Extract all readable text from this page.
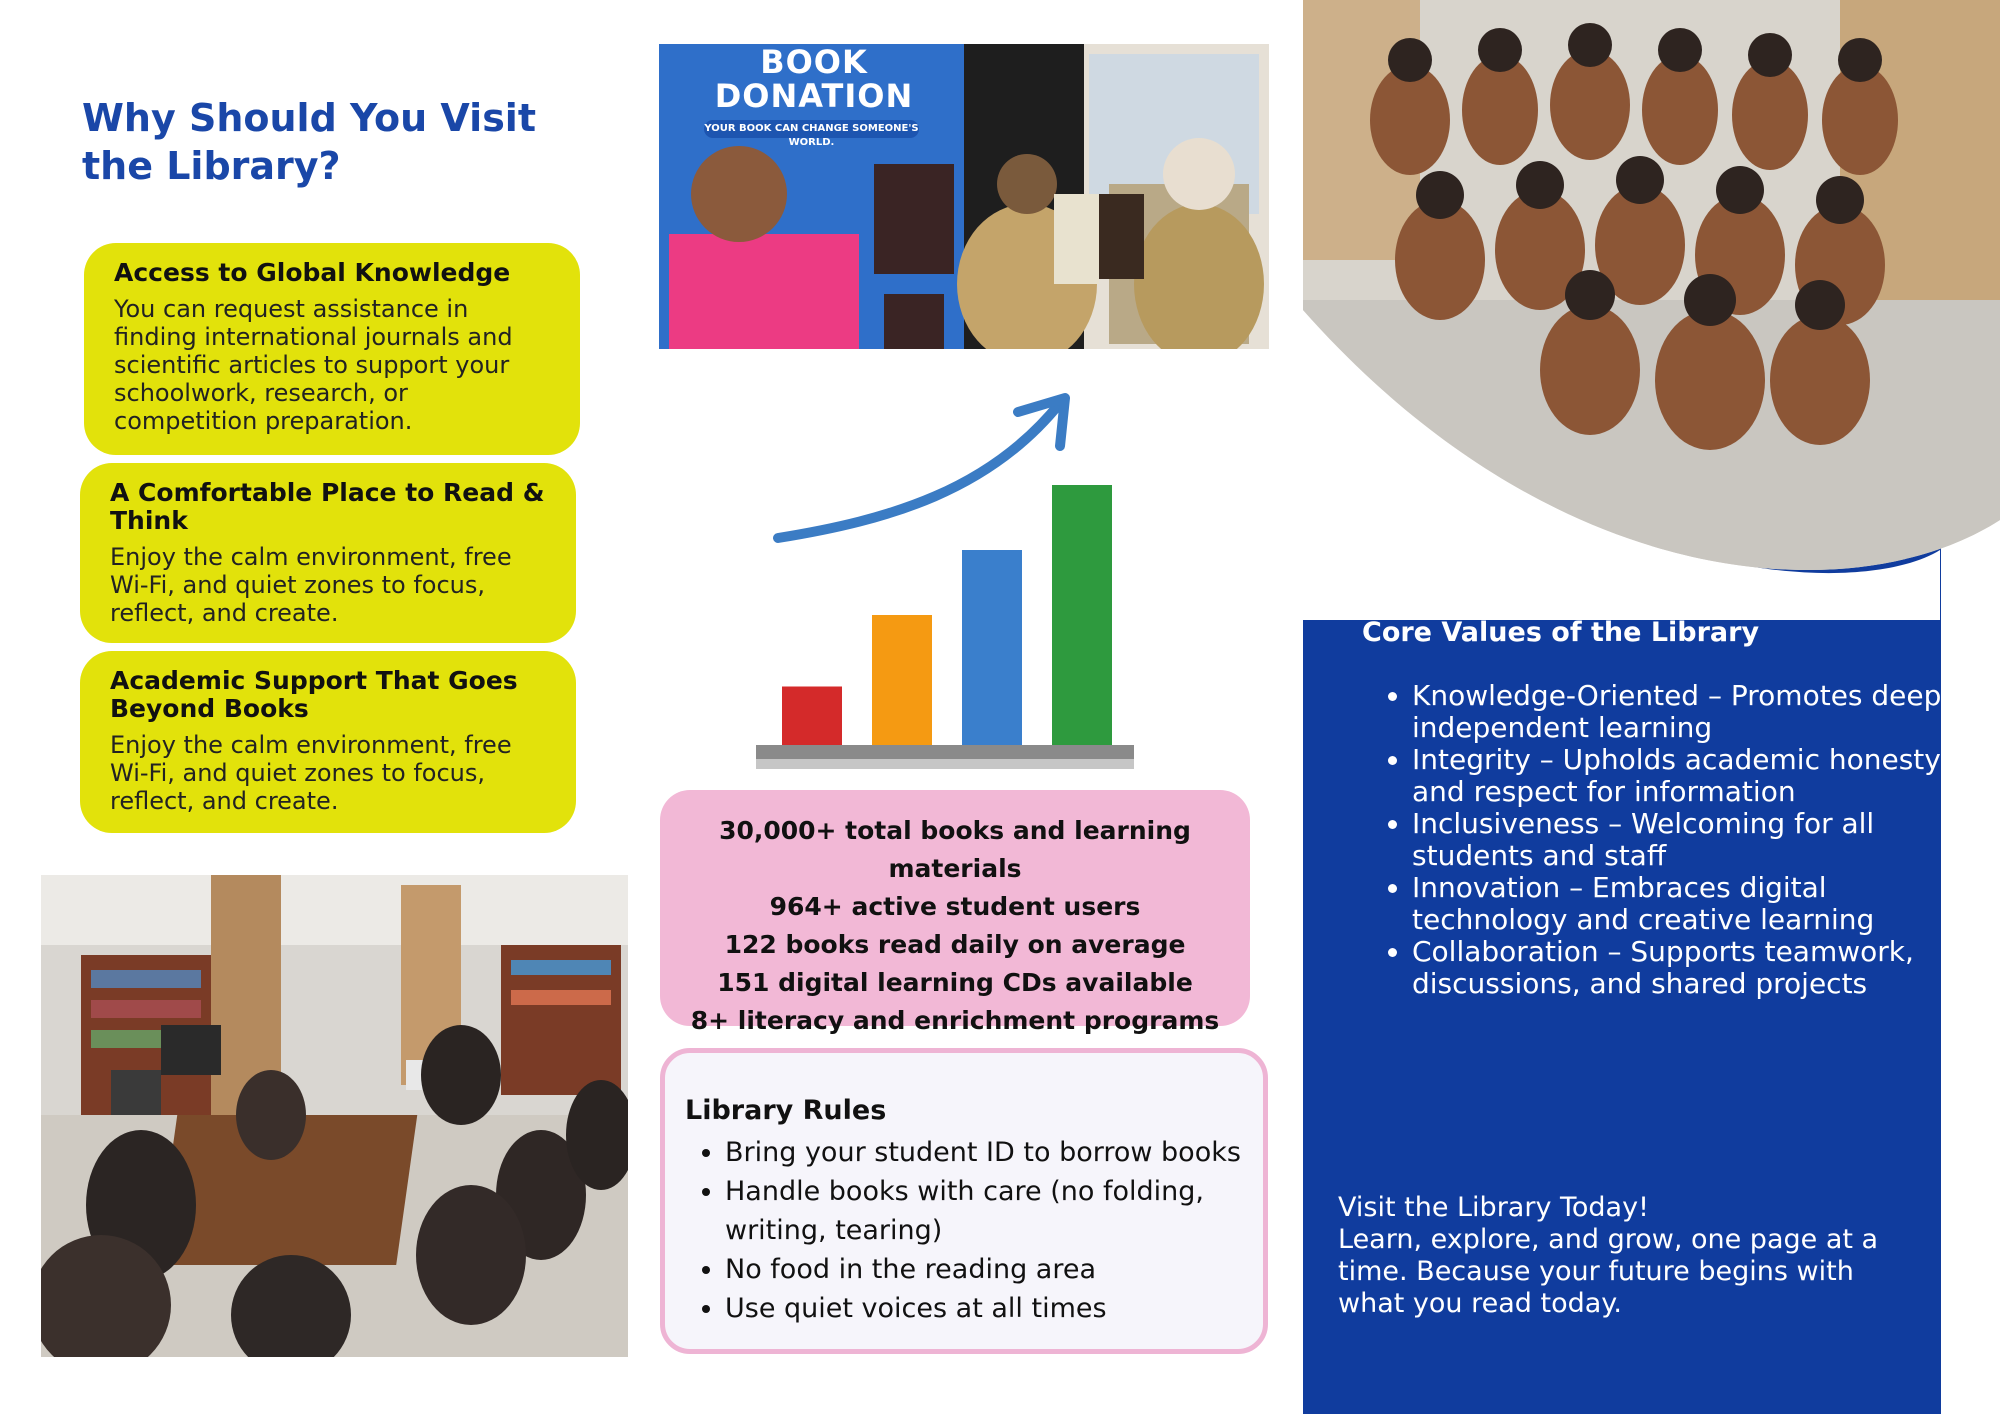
Why Should You Visit the Library?
Access to Global Knowledge

You can request assistance in finding international journals and scientific articles to support your schoolwork, research, or competition preparation.

A Comfortable Place to Read & Think

Enjoy the calm environment, free Wi-Fi, and quiet zones to focus, reflect, and create.

Academic Support That Goes Beyond Books

Enjoy the calm environment, free Wi-Fi, and quiet zones to focus, reflect, and create.

BOOK
DONATION
YOUR BOOK CAN CHANGE SOMEONE'S WORLD.
30,000+ total books and learning materials
964+ active student users
122 books read daily on average
151 digital learning CDs available
8+ literacy and enrichment programs
Library Rules
• Bring your student ID to borrow books
• Handle books with care (no folding, writing, tearing)
• No food in the reading area
• Use quiet voices at all times
Core Values of the Library
• Knowledge-Oriented – Promotes deep, independent learning
• Integrity – Upholds academic honesty and respect for information
• Inclusiveness – Welcoming for all students and staff
• Innovation – Embraces digital technology and creative learning
• Collaboration – Supports teamwork, discussions, and shared projects
Visit the Library Today!
Learn, explore, and grow, one page at a time. Because your future begins with what you read today.
